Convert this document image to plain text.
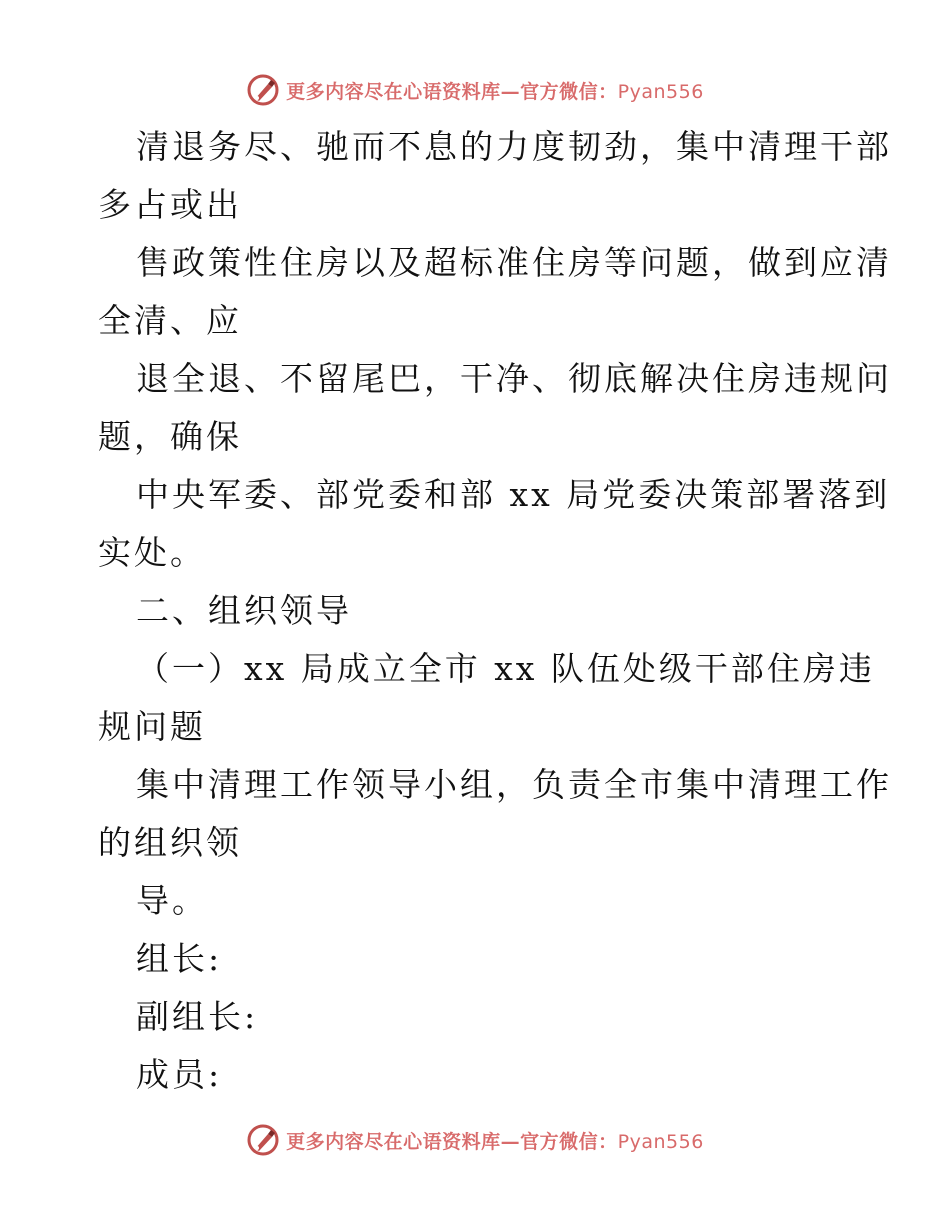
更多内容尽在心语资料库—官方微信：Pyan556
清退务尽、驰而不息的力度韧劲，集中清理干部
多占或出
售政策性住房以及超标准住房等问题，做到应清
全清、应
退全退、不留尾巴，干净、彻底解决住房违规问
题，确保
中央军委、部党委和部 xx 局党委决策部署落到
实处。
二、组织领导
（一）xx 局成立全市 xx 队伍处级干部住房违
规问题
集中清理工作领导小组，负责全市集中清理工作
的组织领
导。
组长:
副组长:
成员:
更多内容尽在心语资料库—官方微信：Pyan556
